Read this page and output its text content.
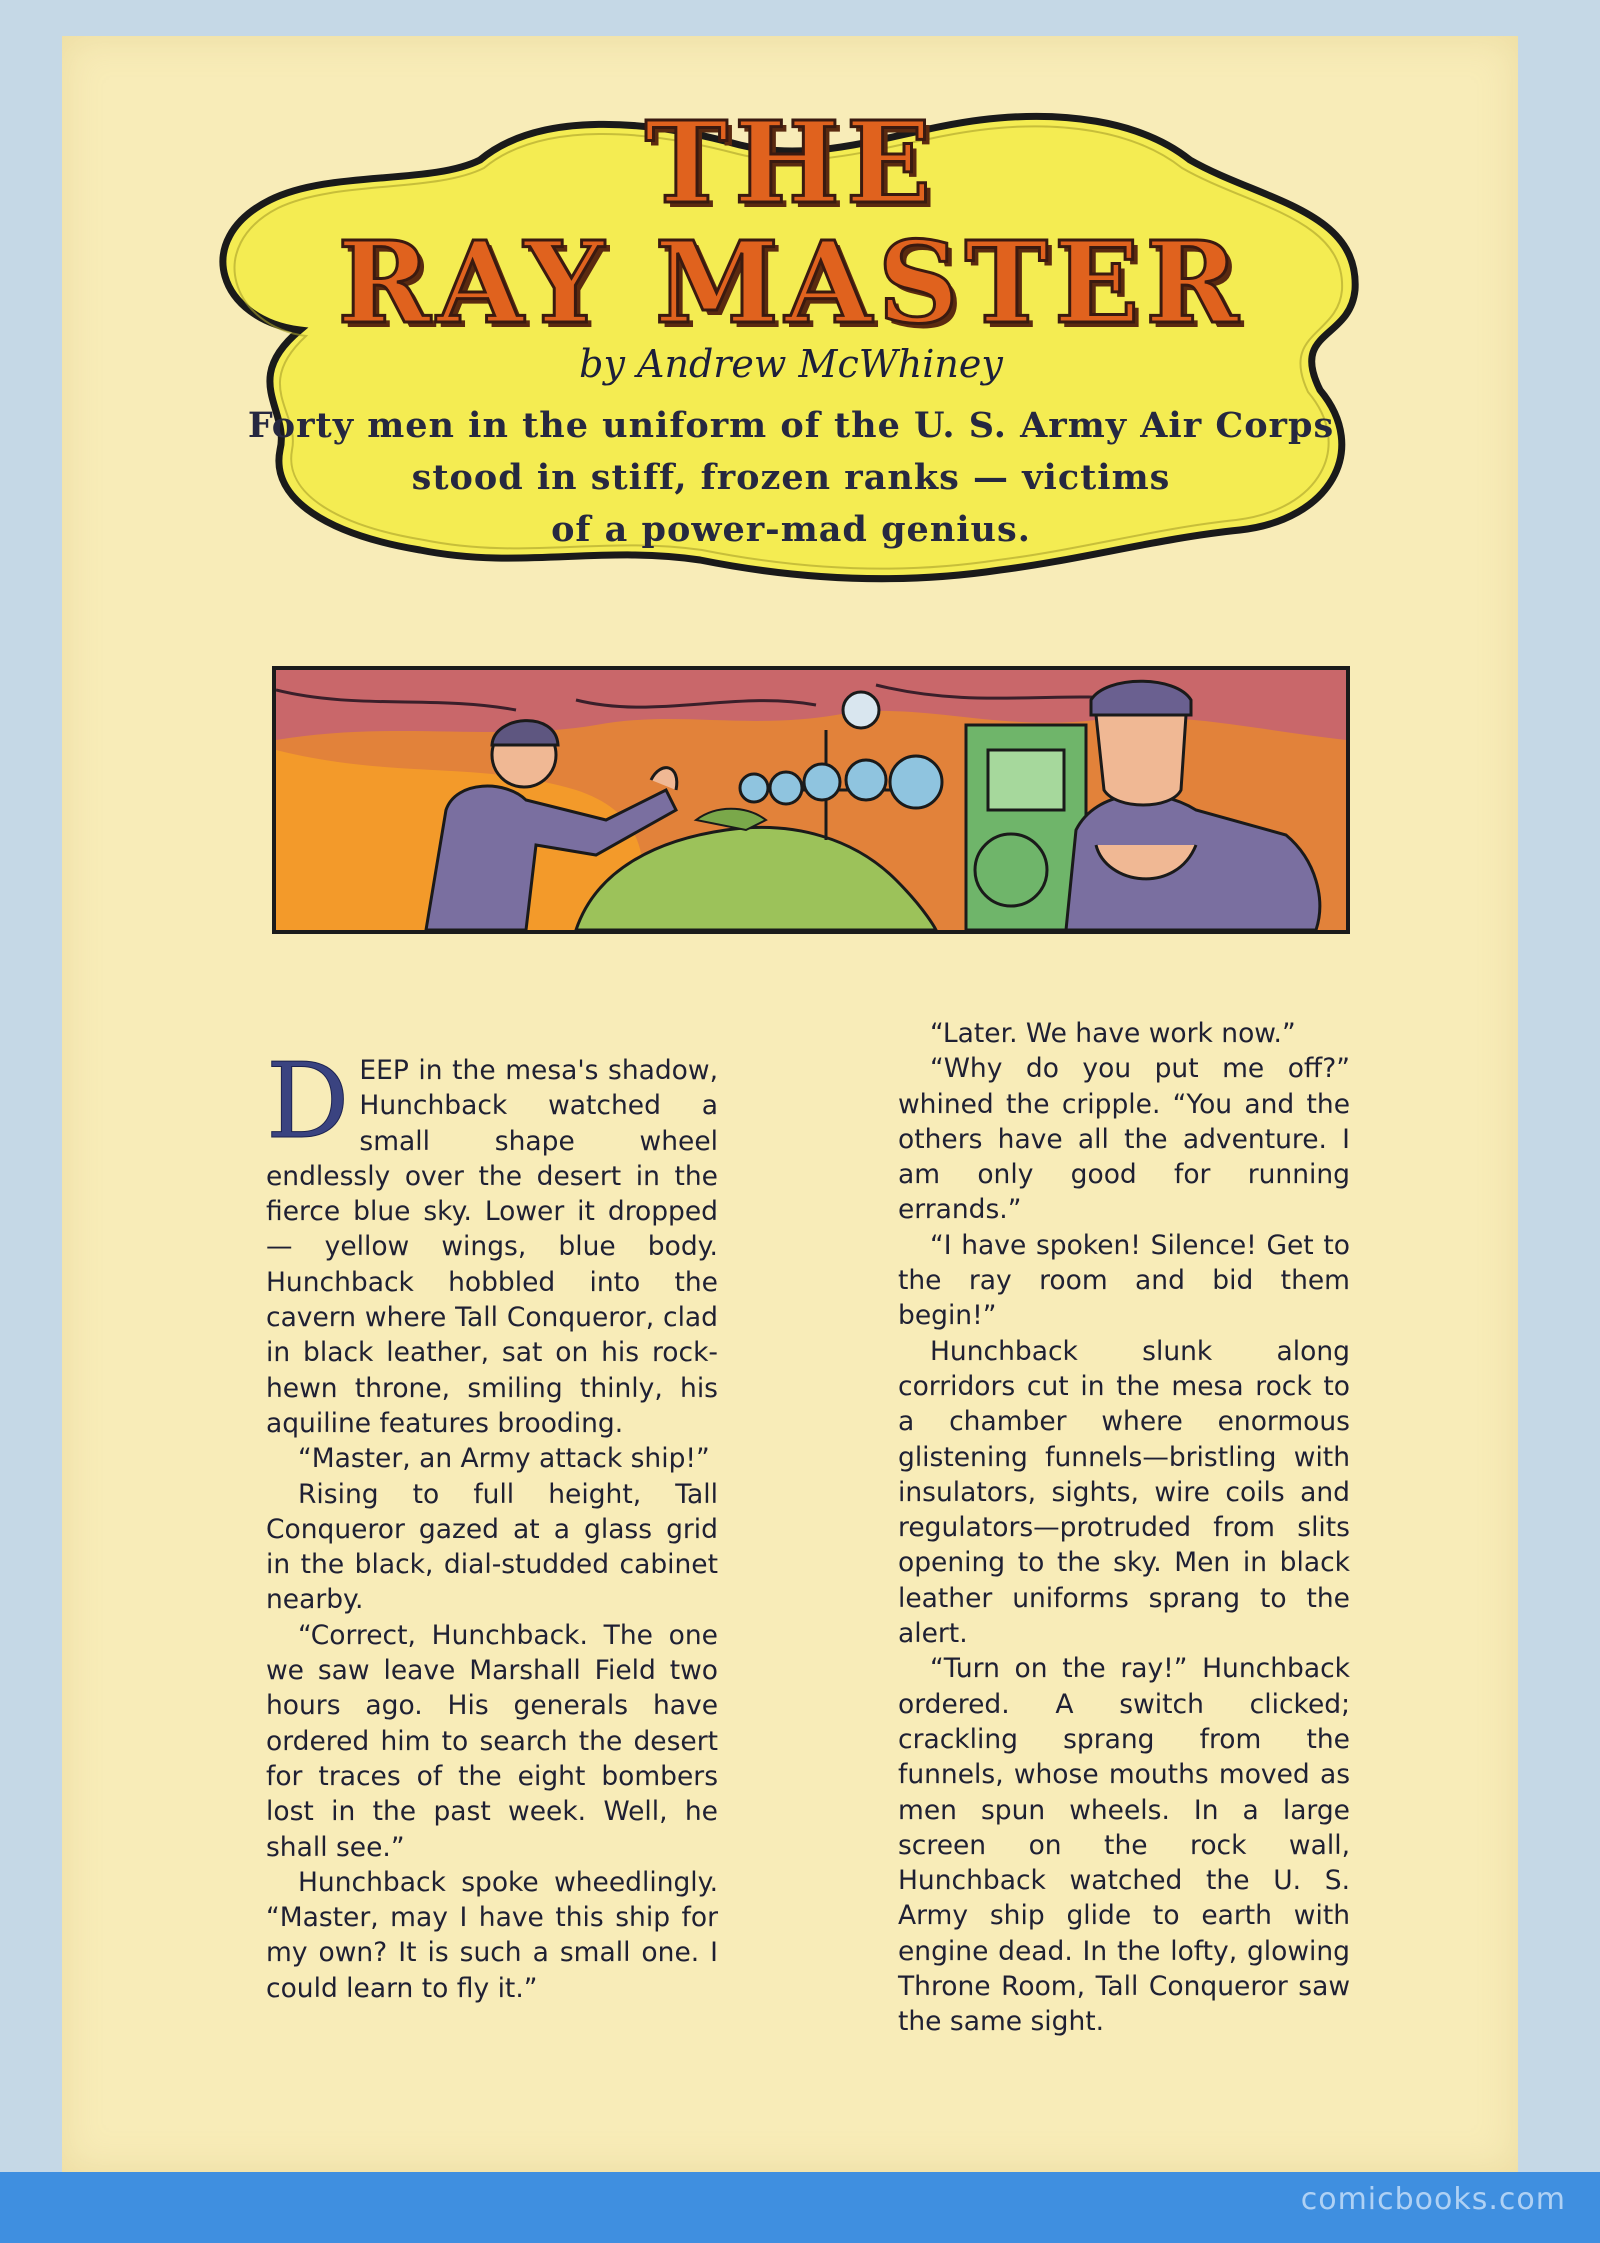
THE
RAY MASTER
by Andrew McWhiney
Forty men in the uniform of the U. S. Army Air Corps
stood in stiff, frozen ranks — victims
of a power-mad genius.

DEEP in the mesa's shadow, Hunchback watched a small shape wheel endlessly over the desert in the fierce blue sky. Lower it dropped — yellow wings, blue body. Hunchback hobbled into the cavern where Tall Conqueror, clad in black leather, sat on his rock-hewn throne, smiling thinly, his aquiline features brooding.

“Master, an Army attack ship!”

Rising to full height, Tall Conqueror gazed at a glass grid in the black, dial-studded cabinet nearby.

“Correct, Hunchback. The one we saw leave Marshall Field two hours ago. His generals have ordered him to search the desert for traces of the eight bombers lost in the past week. Well, he shall see.”

Hunchback spoke wheedlingly. “Master, may I have this ship for my own? It is such a small one. I could learn to fly it.”

“Later. We have work now.”

“Why do you put me off?” whined the cripple. “You and the others have all the adventure. I am only good for running errands.”

“I have spoken! Silence! Get to the ray room and bid them begin!”

Hunchback slunk along corridors cut in the mesa rock to a chamber where enormous glistening funnels—bristling with insulators, sights, wire coils and regulators—protruded from slits opening to the sky. Men in black leather uniforms sprang to the alert.

“Turn on the ray!” Hunchback ordered. A switch clicked; crackling sprang from the funnels, whose mouths moved as men spun wheels. In a large screen on the rock wall, Hunchback watched the U. S. Army ship glide to earth with engine dead. In the lofty, glowing Throne Room, Tall Conqueror saw the same sight.

comicbooks.com
